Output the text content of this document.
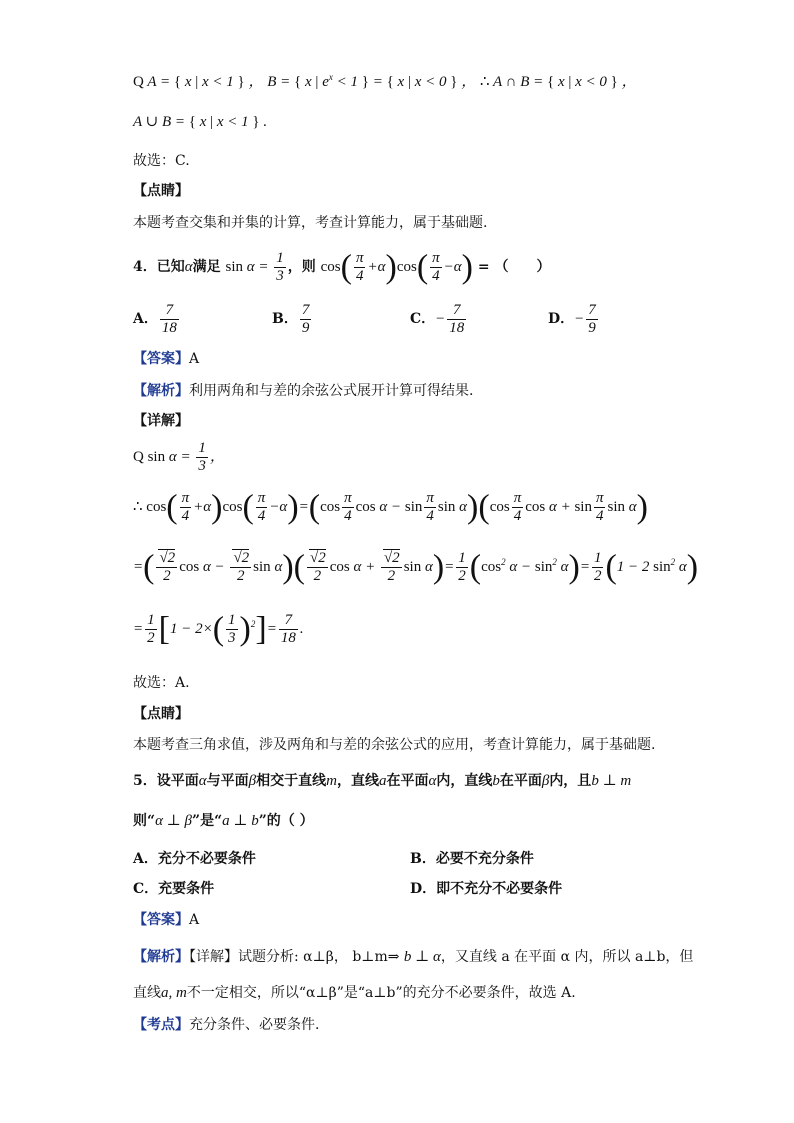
Q A = { x | x < 1 } ， B = { x | $e^x < 1$ } = { x | x < 0 } ， ∴ A ∩ B = { x | x < 0 } ，
A ∪ B = { x | x < 1 } .
故选：C.
【点睛】
本题考查交集和并集的计算，考查计算能力，属于基础题.
4．已知α满足 $\sin \alpha = \frac{1}{3}$ ，则 $\cos( \frac{\pi}{4} +\alpha)\cos( \frac{\pi}{4} -\alpha)$ = （　　）
A． $\frac{7}{18}$	B． $\frac{7}{9}$	C．− $\frac{7}{18}$	D．− $\frac{7}{9}$
【答案】A
【解析】利用两角和与差的余弦公式展开计算可得结果.
【详解】
Q $\sin \alpha = \frac{1}{3}$ ，
∴ $\cos( \frac{\pi}{4} +\alpha)\cos( \frac{\pi}{4} -\alpha)=(\cos \frac{\pi}{4}$ $\cos \alpha - \sin \frac{\pi}{4}$ $\sin \alpha)(\cos \frac{\pi}{4}$ $\cos \alpha + \sin \frac{\pi}{4}$ sin α)
=( $\frac{√2}{2}$ $\cos \alpha - \frac{√2}{2}$ $\sin \alpha)( \frac{√2}{2}$ $\cos \alpha + \frac{√2}{2}$ $\sin \alpha)= \frac{1}{2} (\cos^2$ $\alpha - \sin^2 \alpha)= \frac{1}{2} (1 - 2$ $\sin^2 \alpha$)
= $\frac{1}{2} [1 - 2\times( \frac{1}{3} )^2]= \frac{7}{18}$ .
故选：A.
【点睛】
本题考查三角求值，涉及两角和与差的余弦公式的应用，考查计算能力，属于基础题.
5．设平面α与平面β相交于直线m，直线a在平面α内，直线b在平面β内，且b ⊥ m
则“α ⊥ β”是“a ⊥ b”的（ ）
A．充分不必要条件	B．必要不充分条件
C．充要条件	D．即不充分不必要条件
【答案】A
【解析】【详解】试题分析: α⊥β， b⊥m⇒ b ⊥ α，又直线 a 在平面 α 内，所以 a⊥b，但
直线a, m不一定相交，所以“α⊥β”是“a⊥b”的充分不必要条件，故选 A.
【考点】充分条件、必要条件.
